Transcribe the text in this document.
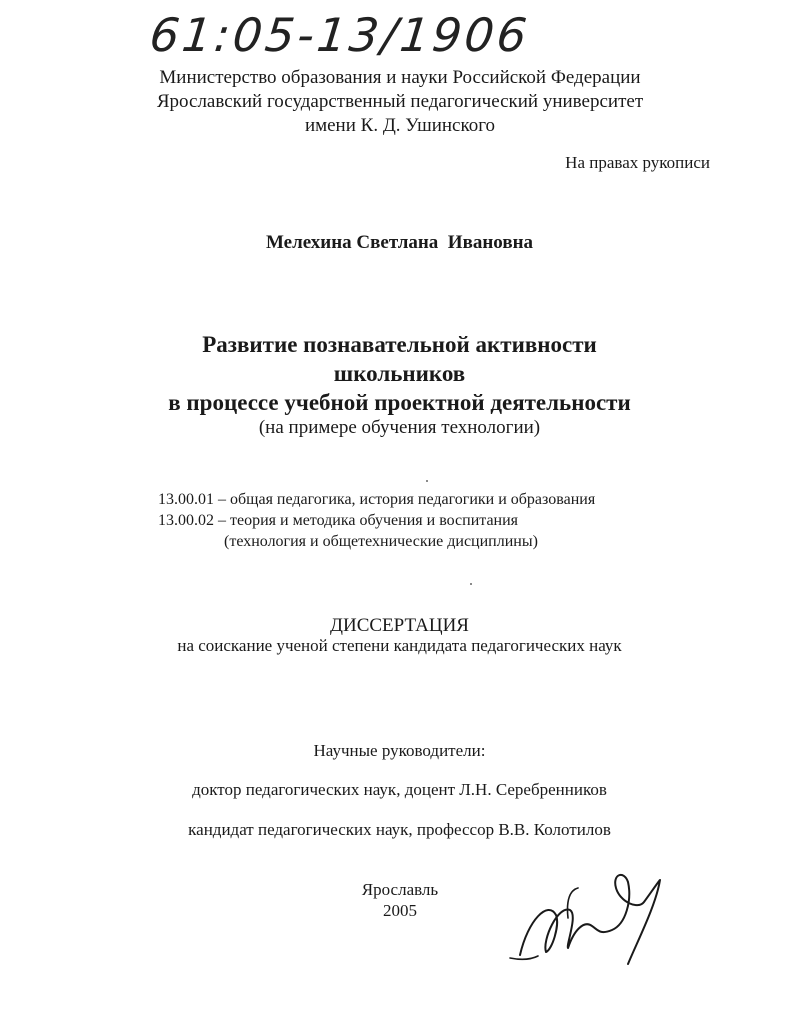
61:05-13/1906
Министерство образования и науки Российской Федерации
Ярославский государственный педагогический университет
имени К. Д. Ушинского
На правах рукописи
Мелехина Светлана  Ивановна
Развитие познавательной активности
школьников
в процессе учебной проектной деятельности
(на примере обучения технологии)
13.00.01 – общая педагогика, история педагогики и образования
13.00.02 – теория и методика обучения и воспитания
(технология и общетехнические дисциплины)
ДИССЕРТАЦИЯ
на соискание ученой степени кандидата педагогических наук
Научные руководители:
доктор педагогических наук, доцент Л.Н. Серебренников
кандидат педагогических наук, профессор В.В. Колотилов
Ярославль
2005
